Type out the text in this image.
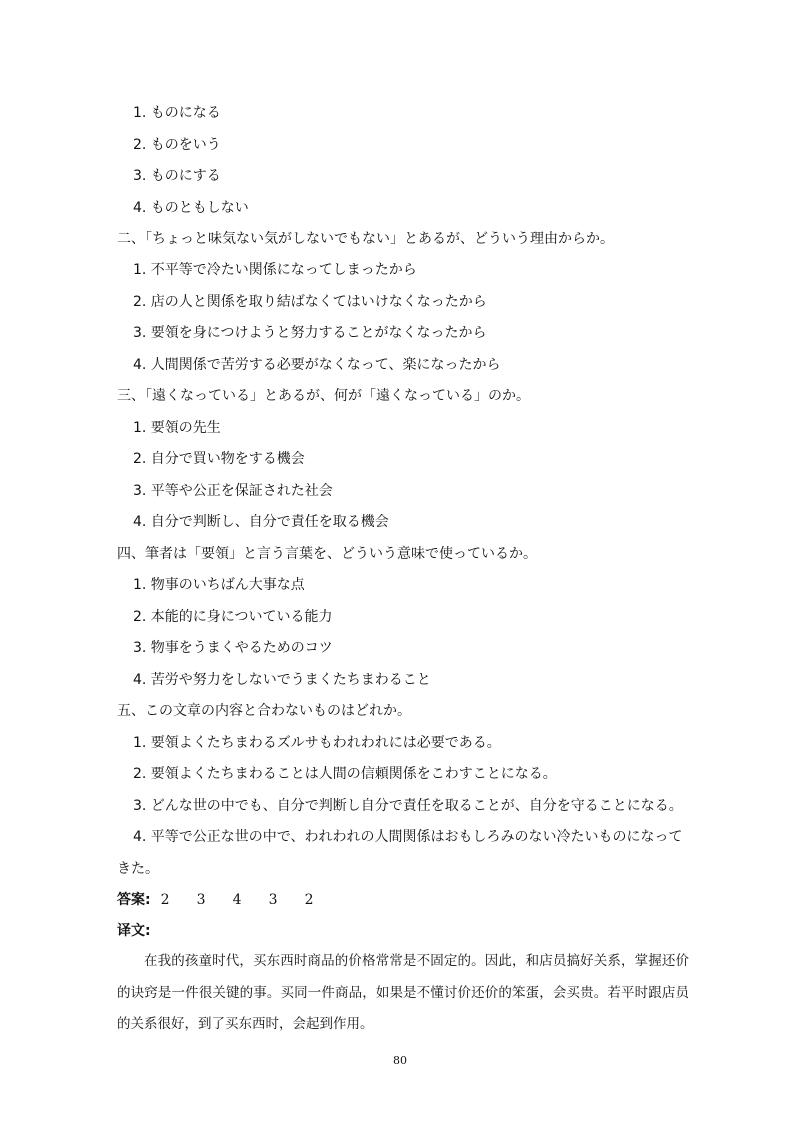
1. ものになる
2. ものをいう
3. ものにする
4. ものともしない
二、「ちょっと味気ない気がしないでもない」とあるが、どういう理由からか。
1. 不平等で冷たい関係になってしまったから
2. 店の人と関係を取り結ばなくてはいけなくなったから
3. 要領を身につけようと努力することがなくなったから
4. 人間関係で苦労する必要がなくなって、楽になったから
三、「遠くなっている」とあるが、何が「遠くなっている」のか。
1. 要領の先生
2. 自分で買い物をする機会
3. 平等や公正を保証された社会
4. 自分で判断し、自分で責任を取る機会
四、筆者は「要領」と言う言葉を、どういう意味で使っているか。
1. 物事のいちばん大事な点
2. 本能的に身についている能力
3. 物事をうまくやるためのコツ
4. 苦労や努力をしないでうまくたちまわること
五、この文章の内容と合わないものはどれか。
1. 要領よくたちまわるズルサもわれわれには必要である。
2. 要領よくたちまわることは人間の信頼関係をこわすことになる。
3. どんな世の中でも、自分で判断し自分で責任を取ることが、自分を守ることになる。
4. 平等で公正な世の中で、われわれの人間関係はおもしろみのない冷たいものになって
きた。
答案: 2 3 4 3 2
译文:

在我的孩童时代，买东西时商品的价格常常是不固定的。因此，和店员搞好关系，掌握还价的诀窍是一件很关键的事。买同一件商品，如果是不懂讨价还价的笨蛋，会买贵。若平时跟店员的关系很好，到了买东西时，会起到作用。

80
